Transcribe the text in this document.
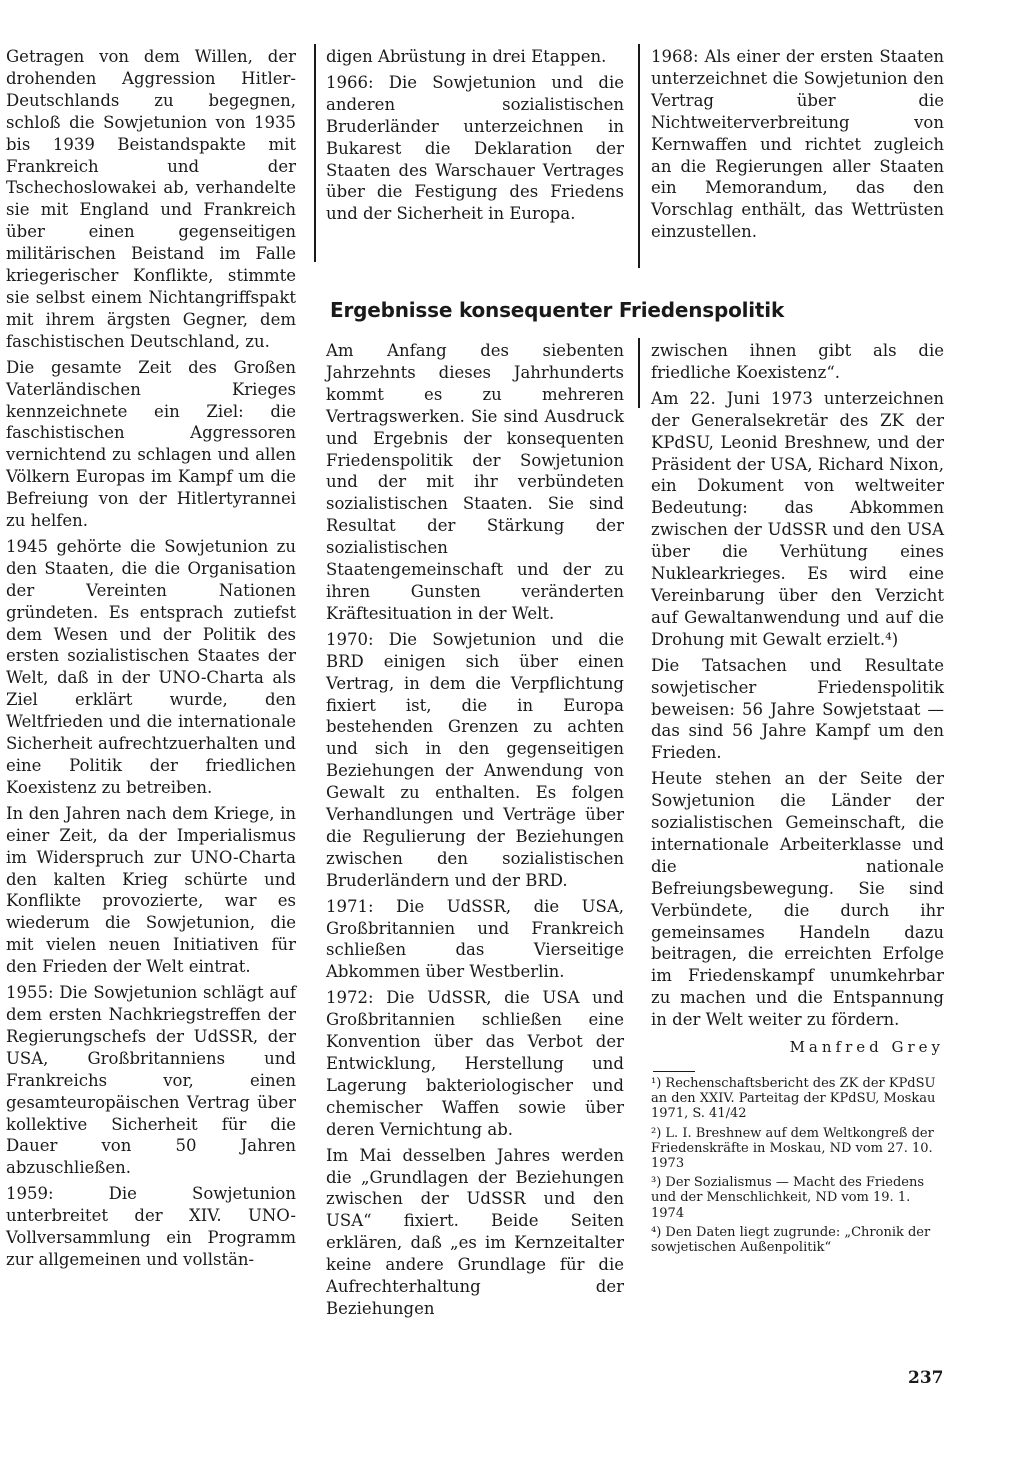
Getragen von dem Willen, der drohenden Aggression Hitler-Deutschlands zu begegnen, schloß die Sowjetunion von 1935 bis 1939 Beistandspakte mit Frankreich und der Tschechoslowakei ab, verhandelte sie mit England und Frankreich über einen gegenseitigen militärischen Beistand im Falle kriegerischer Konflikte, stimmte sie selbst einem Nichtangriffspakt mit ihrem ärgsten Gegner, dem faschistischen Deutschland, zu.

Die gesamte Zeit des Großen Vaterländischen Krieges kennzeichnete ein Ziel: die faschistischen Aggressoren vernichtend zu schlagen und allen Völkern Europas im Kampf um die Befreiung von der Hitlertyrannei zu helfen.

1945 gehörte die Sowjetunion zu den Staaten, die die Organisation der Vereinten Nationen gründeten. Es entsprach zutiefst dem Wesen und der Politik des ersten sozialistischen Staates der Welt, daß in der UNO-Charta als Ziel erklärt wurde, den Weltfrieden und die internationale Sicherheit aufrechtzuerhalten und eine Politik der friedlichen Koexistenz zu betreiben.

In den Jahren nach dem Kriege, in einer Zeit, da der Imperialismus im Widerspruch zur UNO-Charta den kalten Krieg schürte und Konflikte provozierte, war es wiederum die Sowjetunion, die mit vielen neuen Initiativen für den Frieden der Welt eintrat.

1955: Die Sowjetunion schlägt auf dem ersten Nachkriegstreffen der Regierungschefs der UdSSR, der USA, Großbritanniens und Frankreichs vor, einen gesamteuropäischen Vertrag über kollektive Sicherheit für die Dauer von 50 Jahren abzuschließen.

1959: Die Sowjetunion unterbreitet der XIV. UNO-Vollversammlung ein Programm zur allgemeinen und vollstän-

digen Abrüstung in drei Etappen.

1966: Die Sowjetunion und die anderen sozialistischen Bruderländer unterzeichnen in Bukarest die Deklaration der Staaten des Warschauer Vertrages über die Festigung des Friedens und der Sicherheit in Europa.

1968: Als einer der ersten Staaten unterzeichnet die Sowjetunion den Vertrag über die Nichtweiterverbreitung von Kernwaffen und richtet zugleich an die Regierungen aller Staaten ein Memorandum, das den Vorschlag enthält, das Wettrüsten einzustellen.

Ergebnisse konsequenter Friedenspolitik

Am Anfang des siebenten Jahrzehnts dieses Jahrhunderts kommt es zu mehreren Vertragswerken. Sie sind Ausdruck und Ergebnis der konsequenten Friedenspolitik der Sowjetunion und der mit ihr verbündeten sozialistischen Staaten. Sie sind Resultat der Stärkung der sozialistischen Staatengemeinschaft und der zu ihren Gunsten veränderten Kräftesituation in der Welt.

1970: Die Sowjetunion und die BRD einigen sich über einen Vertrag, in dem die Verpflichtung fixiert ist, die in Europa bestehenden Grenzen zu achten und sich in den gegenseitigen Beziehungen der Anwendung von Gewalt zu enthalten. Es folgen Verhandlungen und Verträge über die Regulierung der Beziehungen zwischen den sozialistischen Bruderländern und der BRD.

1971: Die UdSSR, die USA, Großbritannien und Frankreich schließen das Vierseitige Abkommen über Westberlin.

1972: Die UdSSR, die USA und Großbritannien schließen eine Konvention über das Verbot der Entwicklung, Herstellung und Lagerung bakteriologischer und chemischer Waffen sowie über deren Vernichtung ab.

Im Mai desselben Jahres werden die „Grundlagen der Beziehungen zwischen der UdSSR und den USA“ fixiert. Beide Seiten erklären, daß „es im Kernzeitalter keine andere Grundlage für die Aufrechterhaltung der Beziehungen

zwischen ihnen gibt als die friedliche Koexistenz“.

Am 22. Juni 1973 unterzeichnen der Generalsekretär des ZK der KPdSU, Leonid Breshnew, und der Präsident der USA, Richard Nixon, ein Dokument von weltweiter Bedeutung: das Abkommen zwischen der UdSSR und den USA über die Verhütung eines Nuklearkrieges. Es wird eine Vereinbarung über den Verzicht auf Gewaltanwendung und auf die Drohung mit Gewalt erzielt.⁴)

Die Tatsachen und Resultate sowjetischer Friedenspolitik beweisen: 56 Jahre Sowjetstaat — das sind 56 Jahre Kampf um den Frieden.

Heute stehen an der Seite der Sowjetunion die Länder der sozialistischen Gemeinschaft, die internationale Arbeiterklasse und die nationale Befreiungsbewegung. Sie sind Verbündete, die durch ihr gemeinsames Handeln dazu beitragen, die erreichten Erfolge im Friedenskampf unumkehrbar zu machen und die Entspannung in der Welt weiter zu fördern.

Manfred Grey

¹) Rechenschaftsbericht des ZK der KPdSU an den XXIV. Parteitag der KPdSU, Moskau 1971, S. 41/42

²) L. I. Breshnew auf dem Weltkongreß der Friedenskräfte in Moskau, ND vom 27. 10. 1973

³) Der Sozialismus — Macht des Friedens und der Menschlichkeit, ND vom 19. 1. 1974

⁴) Den Daten liegt zugrunde: „Chronik der sowjetischen Außenpolitik“

237
